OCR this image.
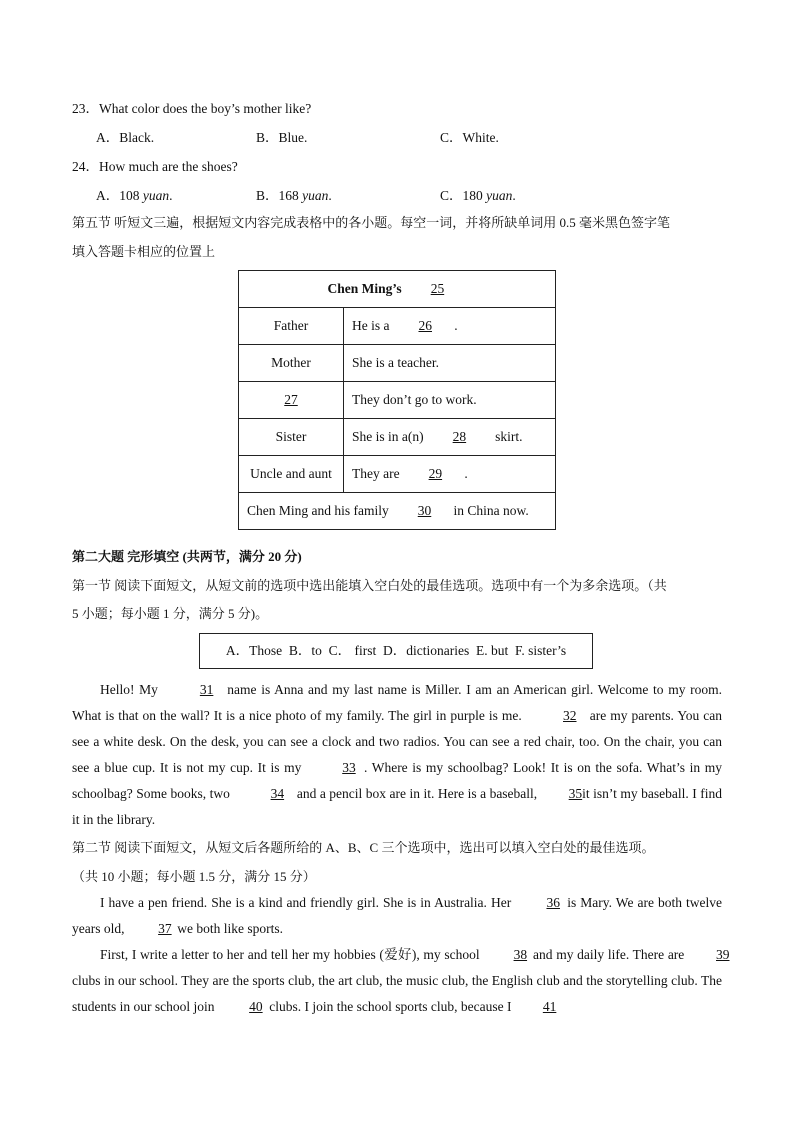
23．What color does the boy’s mother like?
A．Black.	B．Blue.	C．White.
24．How much are the shoes?
A．108 yuan.	B．168 yuan.	C．180 yuan.
第五节 听短文三遍，根据短文内容完成表格中的各小题。每空一词，并将所缺单词用 0.5 毫米黑色签字笔
填入答题卡相应的位置上
Chen Ming’s 25	
Father	He is a 26 .
Mother	She is a teacher.
27	They don’t go to work.
Sister	She is in a(n) 28 skirt.
Uncle and aunt	They are 29 .
Chen Ming and his family 30 in China now.	
第二大题 完形填空 (共两节，满分 20 分)
第一节 阅读下面短文，从短文前的选项中选出能填入空白处的最佳选项。选项中有一个为多余选项。（共
5 小题；每小题 1 分，满分 5 分)。
A．Those  B．to  C． first  D．dictionaries  E. but  F. sister’s

Hello! My	31 name is Anna and my last name is Miller. I am an American girl. Welcome to my room. What is that on the wall? It is a nice photo of my family. The girl in purple is me.	32 are my parents. You can see a white desk. On the desk, you can see a clock and two radios. You can see a red chair, too. On the chair, you can see a blue cup. It is not my cup. It is my	33 . Where is my schoolbag? Look! It is on the sofa. What’s in my schoolbag? Some books, two	34 and a pencil box are in it. Here is a baseball, 35 it isn’t my baseball. I find it in the library.

第二节 阅读下面短文，从短文后各题所给的 A、B、C 三个选项中，选出可以填入空白处的最佳选项。
（共 10 小题；每小题 1.5 分，满分 15 分）

I have a pen friend. She is a kind and friendly girl. She is in Australia. Her 36 is Mary. We are both twelve years old, 37 we both like sports.

First, I write a letter to her and tell her my hobbies (爱好), my school 38 and my daily life. There are 39 clubs in our school. They are the sports club, the art club, the music club, the English club and the storytelling club. The students in our school join 40 clubs. I join the school sports club, because I 41
